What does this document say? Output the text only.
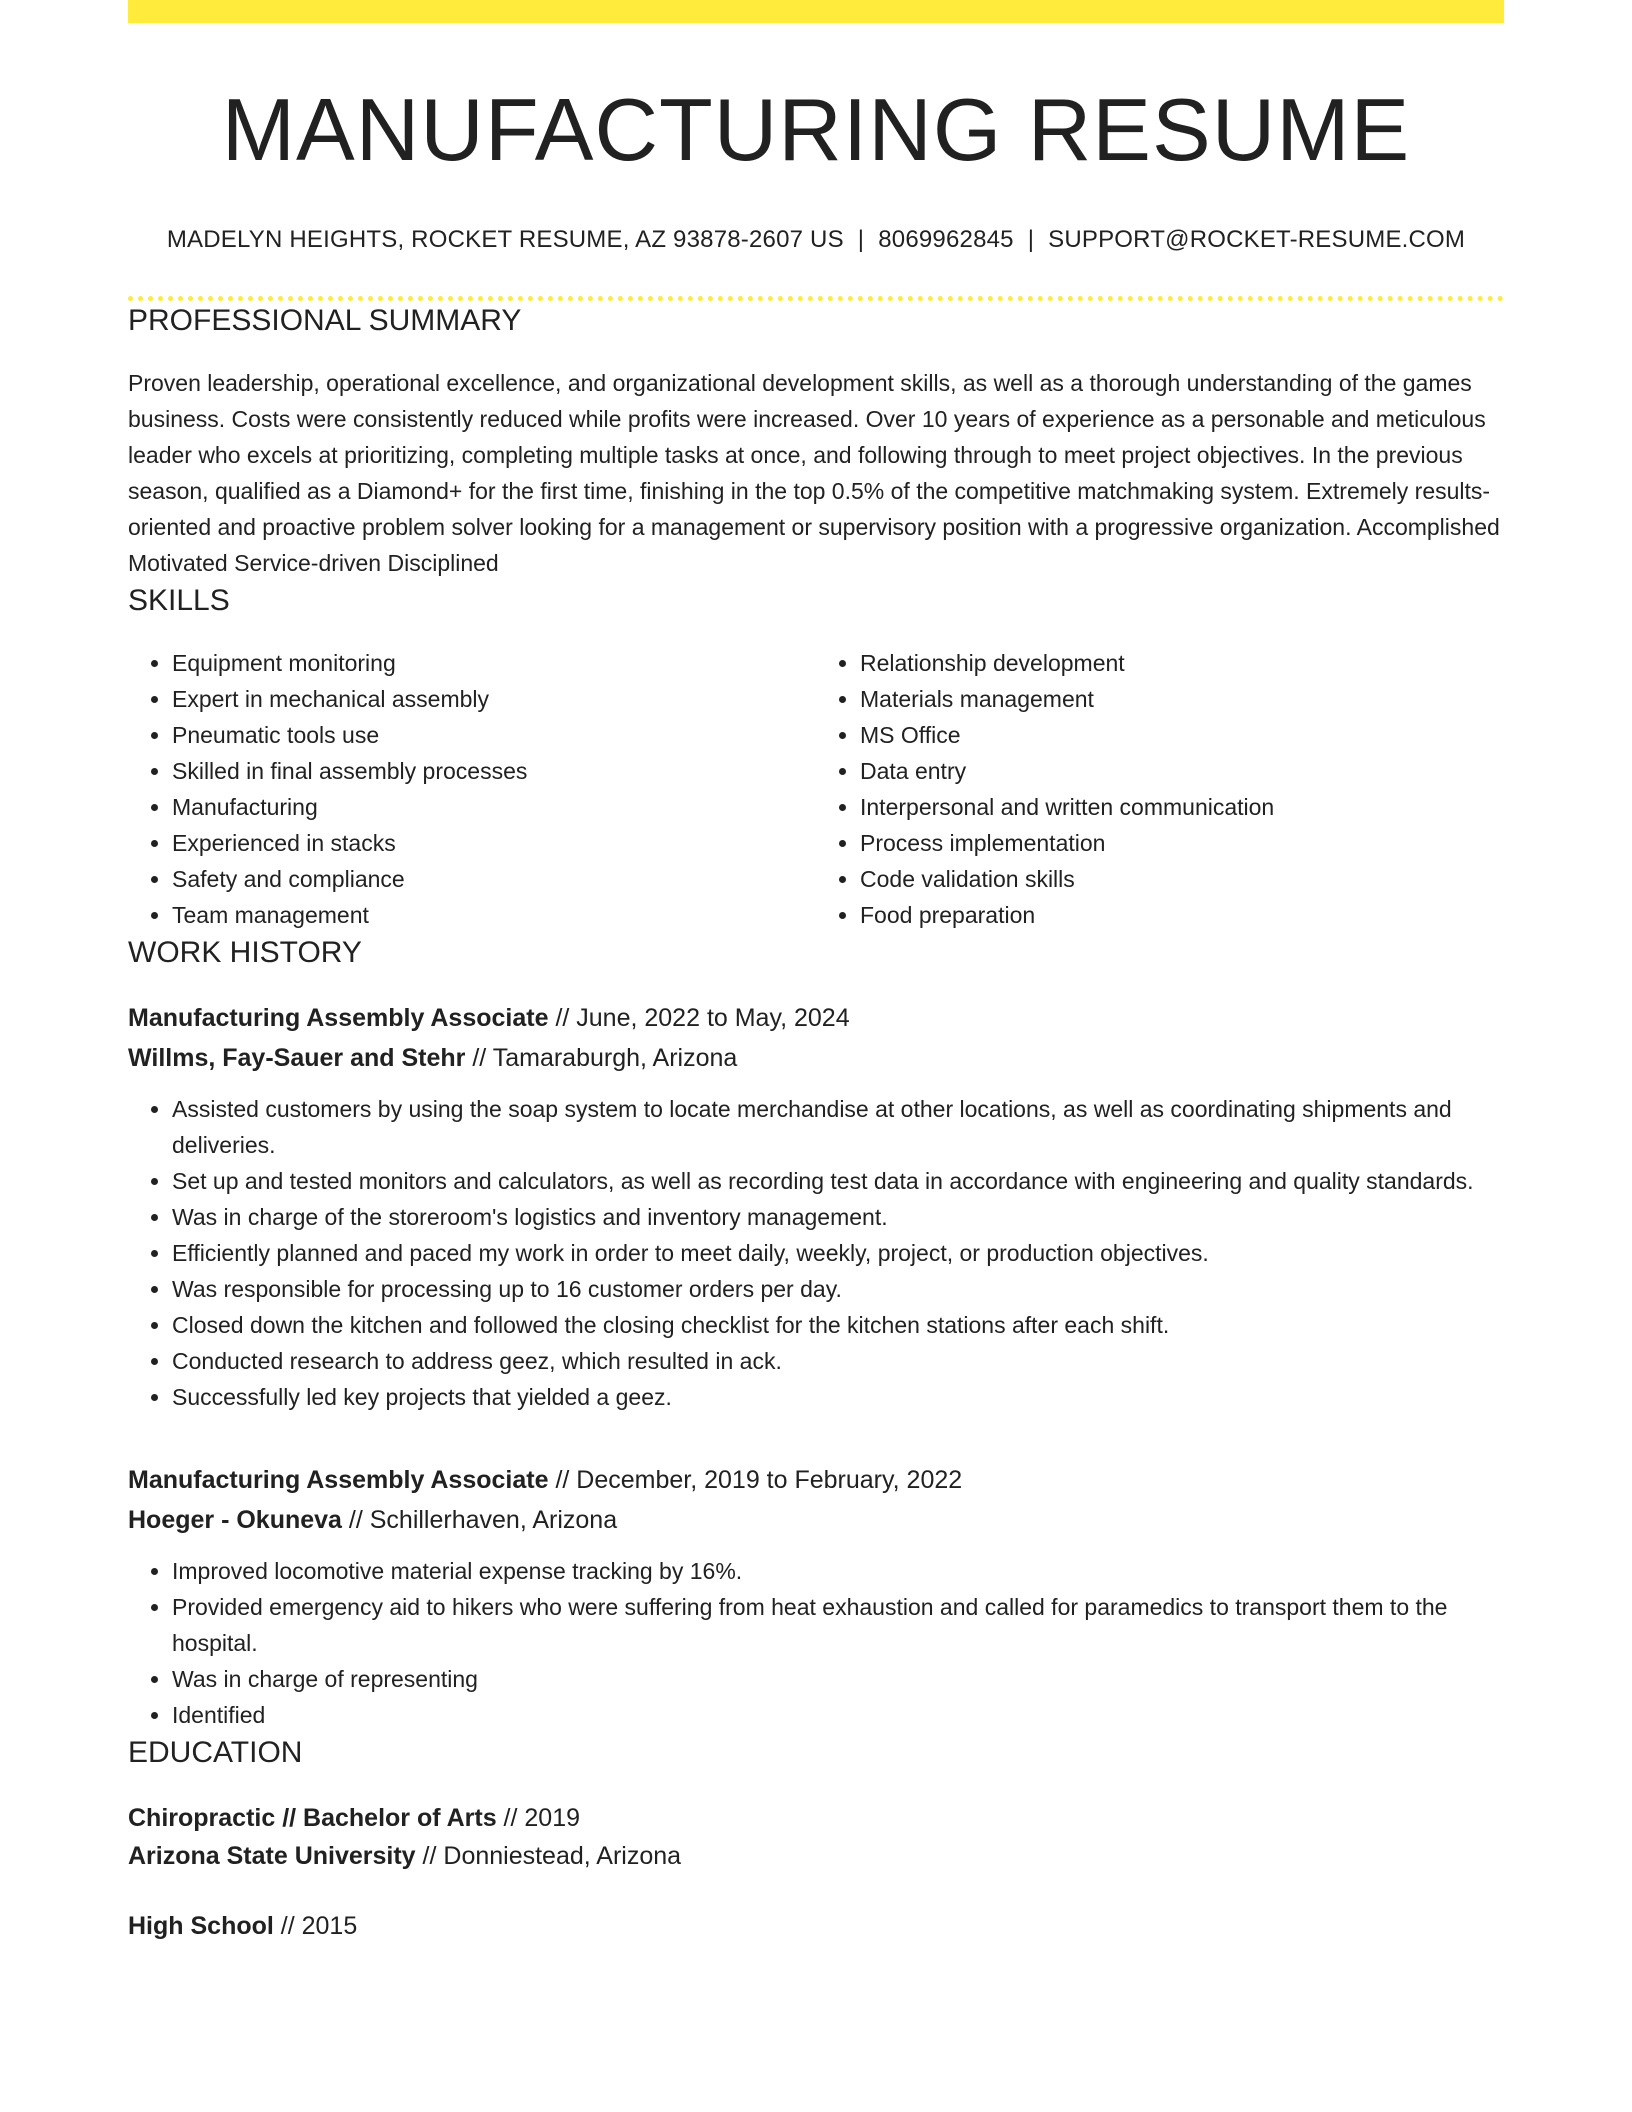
MANUFACTURING RESUME
MADELYN HEIGHTS, ROCKET RESUME, AZ 93878-2607 US | 8069962845 | SUPPORT@ROCKET-RESUME.COM
PROFESSIONAL SUMMARY

Proven leadership, operational excellence, and organizational development skills, as well as a thorough understanding of the games business. Costs were consistently reduced while profits were increased. Over 10 years of experience as a personable and meticulous leader who excels at prioritizing, completing multiple tasks at once, and following through to meet project objectives. In the previous season, qualified as a Diamond+ for the first time, finishing in the top 0.5% of the competitive matchmaking system. Extremely results-oriented and proactive problem solver looking for a management or supervisory position with a progressive organization. Accomplished Motivated Service-driven Disciplined

SKILLS
• Equipment monitoring
• Expert in mechanical assembly
• Pneumatic tools use
• Skilled in final assembly processes
• Manufacturing
• Experienced in stacks
• Safety and compliance
• Team management
• Relationship development
• Materials management
• MS Office
• Data entry
• Interpersonal and written communication
• Process implementation
• Code validation skills
• Food preparation
WORK HISTORY
Manufacturing Assembly Associate // June, 2022 to May, 2024
Willms, Fay-Sauer and Stehr // Tamaraburgh, Arizona
• Assisted customers by using the soap system to locate merchandise at other locations, as well as coordinating shipments and deliveries.
• Set up and tested monitors and calculators, as well as recording test data in accordance with engineering and quality standards.
• Was in charge of the storeroom's logistics and inventory management.
• Efficiently planned and paced my work in order to meet daily, weekly, project, or production objectives.
• Was responsible for processing up to 16 customer orders per day.
• Closed down the kitchen and followed the closing checklist for the kitchen stations after each shift.
• Conducted research to address geez, which resulted in ack.
• Successfully led key projects that yielded a geez.
Manufacturing Assembly Associate // December, 2019 to February, 2022
Hoeger - Okuneva // Schillerhaven, Arizona
• Improved locomotive material expense tracking by 16%.
• Provided emergency aid to hikers who were suffering from heat exhaustion and called for paramedics to transport them to the hospital.
• Was in charge of representing
• Identified
EDUCATION
Chiropractic // Bachelor of Arts // 2019
Arizona State University // Donniestead, Arizona
High School // 2015
